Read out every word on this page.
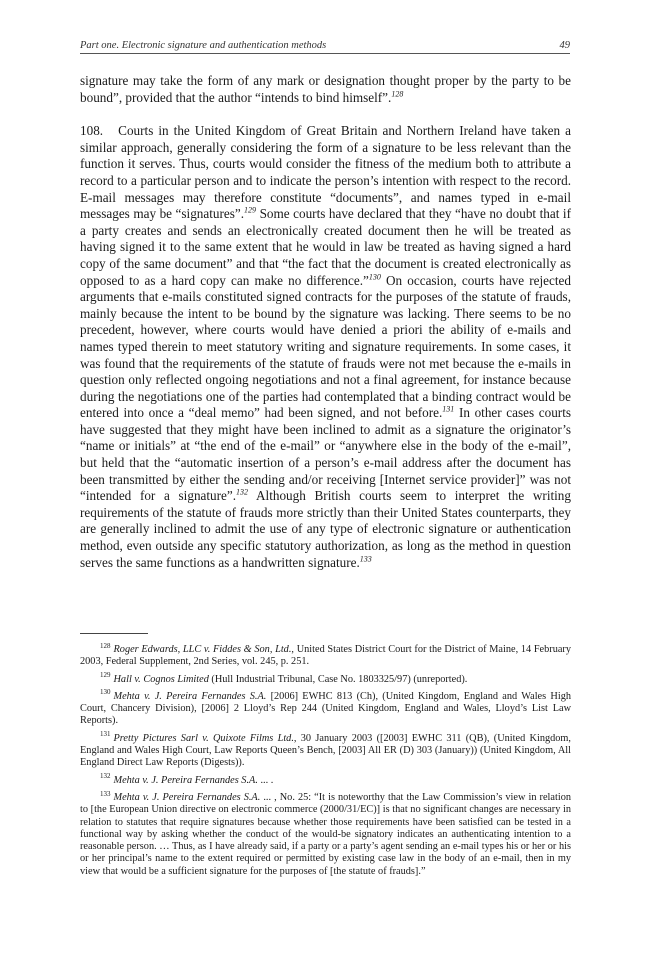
Part one. Electronic signature and authentication methods	49

signature may take the form of any mark or designation thought proper by the party to be bound”, provided that the author “intends to bind himself”.$^{128}$

108. Courts in the United Kingdom of Great Britain and Northern Ireland have taken a similar approach, generally considering the form of a signature to be less relevant than the function it serves. Thus, courts would consider the fitness of the medium both to attribute a record to a particular person and to indicate the person’s intention with respect to the record. E-mail messages may therefore constitute “documents”, and names typed in e-mail messages may be “signatures”.$^{129}$ Some courts have declared that they “have no doubt that if a party creates and sends an electronically created document then he will be treated as having signed it to the same extent that he would in law be treated as having signed a hard copy of the same document” and that “the fact that the document is created electronically as opposed to as a hard copy can make no difference.”$^{130}$ On occasion, courts have rejected arguments that e-mails constituted signed contracts for the purposes of the statute of frauds, mainly because the intent to be bound by the signature was lacking. There seems to be no precedent, however, where courts would have denied a priori the ability of e-mails and names typed therein to meet statutory writing and signature requirements. In some cases, it was found that the requirements of the statute of frauds were not met because the e-mails in question only reflected ongoing negotiations and not a final agreement, for instance because during the negotiations one of the parties had contemplated that a binding contract would be entered into once a “deal memo” had been signed, and not before.$^{131}$ In other cases courts have suggested that they might have been inclined to admit as a signature the originator’s “name or initials” at “the end of the e-mail” or “anywhere else in the body of the e-mail”, but held that the “automatic insertion of a person’s e-mail address after the document has been transmitted by either the sending and/or receiving [Internet service provider]” was not “intended for a signature”.$^{132}$ Although British courts seem to interpret the writing requirements of the statute of frauds more strictly than their United States counterparts, they are generally inclined to admit the use of any type of electronic signature or authentication method, even outside any specific statutory authorization, as long as the method in question serves the same functions as a handwritten signature.$^{133}$

$^{128}$ Roger Edwards, LLC v. Fiddes & Son, Ltd., United States District Court for the District of Maine, 14 February 2003, Federal Supplement, 2nd Series, vol. 245, p. 251.

$^{129}$ Hall v. Cognos Limited (Hull Industrial Tribunal, Case No. 1803325/97) (unreported).

$^{130}$ Mehta v. J. Pereira Fernandes S.A. [2006] EWHC 813 (Ch), (United Kingdom, England and Wales High Court, Chancery Division), [2006] 2 Lloyd’s Rep 244 (United Kingdom, England and Wales, Lloyd’s List Law Reports).

$^{131}$ Pretty Pictures Sarl v. Quixote Films Ltd., 30 January 2003 ([2003] EWHC 311 (QB), (United Kingdom, England and Wales High Court, Law Reports Queen’s Bench, [2003] All ER (D) 303 (January)) (United Kingdom, All England Direct Law Reports (Digests)).

$^{132}$ Mehta v. J. Pereira Fernandes S.A. ... .

$^{133}$ Mehta v. J. Pereira Fernandes S.A. ... , No. 25: “It is noteworthy that the Law Commission’s view in relation to [the European Union directive on electronic commerce (2000/31/EC)] is that no significant changes are necessary in relation to statutes that require signatures because whether those requirements have been satisfied can be tested in a functional way by asking whether the conduct of the would-be signatory indicates an authenticating intention to a reasonable person. … Thus, as I have already said, if a party or a party’s agent sending an e-mail types his or her or his or her principal’s name to the extent required or permitted by existing case law in the body of an e-mail, then in my view that would be a sufficient signature for the purposes of [the statute of frauds].”
